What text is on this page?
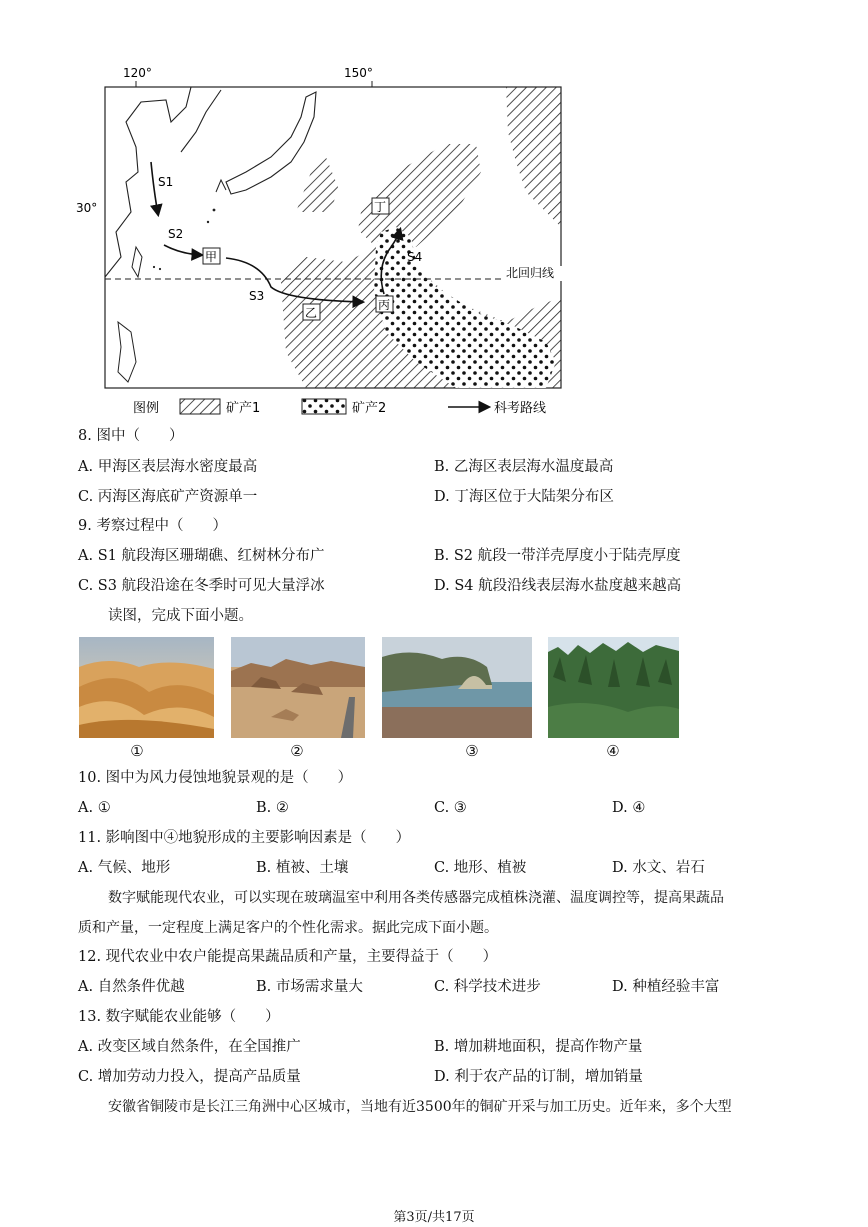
120°	150°
30°
S1
S2
S3
S4
甲
乙
丙
丁
北回归线
图例	矿产1	矿产2	科考路线
8. 图中（　　）
A. 甲海区表层海水密度最高	B. 乙海区表层海水温度最高
C. 丙海区海底矿产资源单一	D. 丁海区位于大陆架分布区
9. 考察过程中（　　）
A. S1 航段海区珊瑚礁、红树林分布广	B. S2 航段一带洋壳厚度小于陆壳厚度
C. S3 航段沿途在冬季时可见大量浮冰	D. S4 航段沿线表层海水盐度越来越高
读图，完成下面小题。
①	②	③	④
10. 图中为风力侵蚀地貌景观的是（　　）
A. ①	B. ②	C. ③	D. ④
11. 影响图中④地貌形成的主要影响因素是（　　）
A. 气候、地形	B. 植被、土壤	C. 地形、植被	D. 水文、岩石
数字赋能现代农业，可以实现在玻璃温室中利用各类传感器完成植株浇灌、温度调控等，提高果蔬品
质和产量，一定程度上满足客户的个性化需求。据此完成下面小题。
12. 现代农业中农户能提高果蔬品质和产量，主要得益于（　　）
A. 自然条件优越	B. 市场需求量大	C. 科学技术进步	D. 种植经验丰富
13. 数字赋能农业能够（　　）
A. 改变区域自然条件，在全国推广	B. 增加耕地面积，提高作物产量
C. 增加劳动力投入，提高产品质量	D. 利于农产品的订制，增加销量
安徽省铜陵市是长江三角洲中心区城市，当地有近3500年的铜矿开采与加工历史。近年来，多个大型
第3页/共17页
